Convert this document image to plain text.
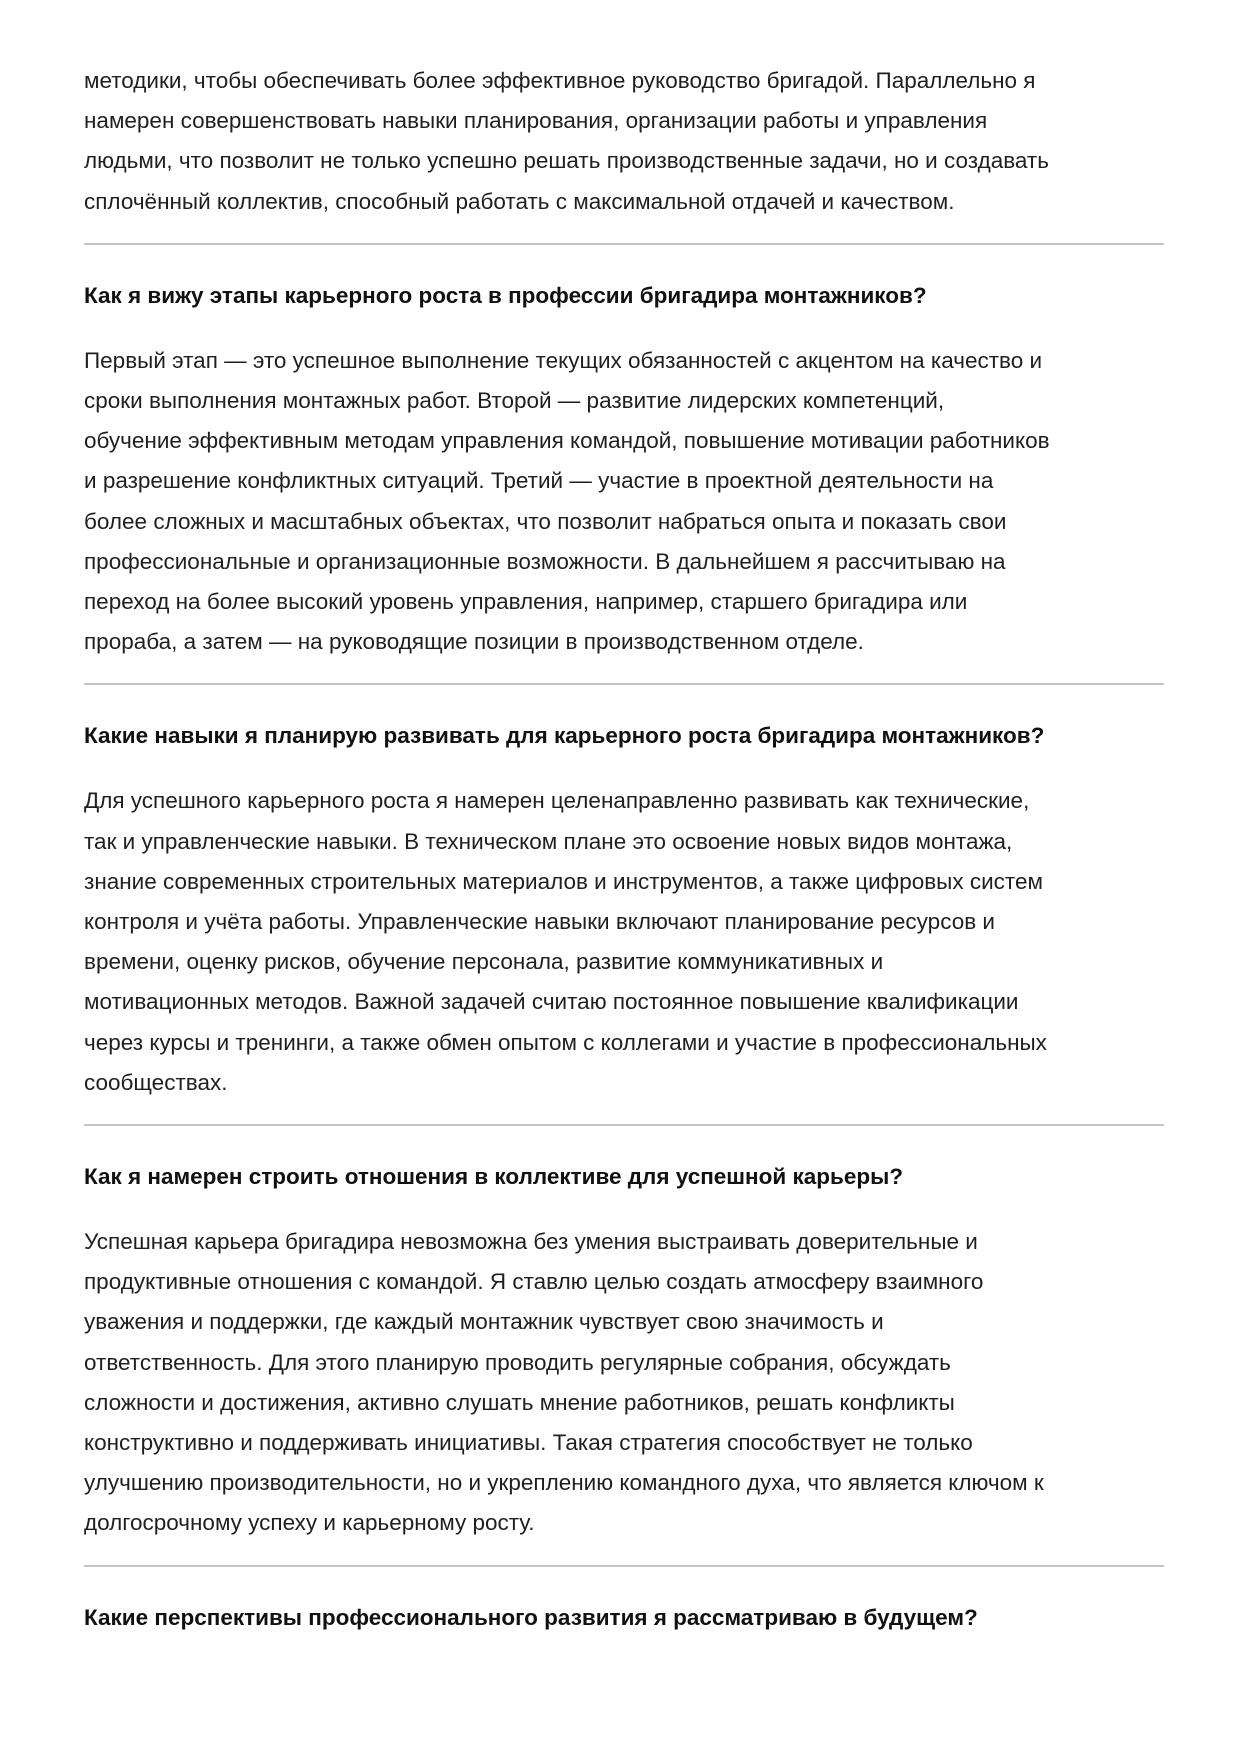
методики, чтобы обеспечивать более эффективное руководство бригадой. Параллельно я
намерен совершенствовать навыки планирования, организации работы и управления
людьми, что позволит не только успешно решать производственные задачи, но и создавать
сплочённый коллектив, способный работать с максимальной отдачей и качеством.
Как я вижу этапы карьерного роста в профессии бригадира монтажников?
Первый этап — это успешное выполнение текущих обязанностей с акцентом на качество и
сроки выполнения монтажных работ. Второй — развитие лидерских компетенций,
обучение эффективным методам управления командой, повышение мотивации работников
и разрешение конфликтных ситуаций. Третий — участие в проектной деятельности на
более сложных и масштабных объектах, что позволит набраться опыта и показать свои
профессиональные и организационные возможности. В дальнейшем я рассчитываю на
переход на более высокий уровень управления, например, старшего бригадира или
прораба, а затем — на руководящие позиции в производственном отделе.
Какие навыки я планирую развивать для карьерного роста бригадира монтажников?
Для успешного карьерного роста я намерен целенаправленно развивать как технические,
так и управленческие навыки. В техническом плане это освоение новых видов монтажа,
знание современных строительных материалов и инструментов, а также цифровых систем
контроля и учёта работы. Управленческие навыки включают планирование ресурсов и
времени, оценку рисков, обучение персонала, развитие коммуникативных и
мотивационных методов. Важной задачей считаю постоянное повышение квалификации
через курсы и тренинги, а также обмен опытом с коллегами и участие в профессиональных
сообществах.
Как я намерен строить отношения в коллективе для успешной карьеры?
Успешная карьера бригадира невозможна без умения выстраивать доверительные и
продуктивные отношения с командой. Я ставлю целью создать атмосферу взаимного
уважения и поддержки, где каждый монтажник чувствует свою значимость и
ответственность. Для этого планирую проводить регулярные собрания, обсуждать
сложности и достижения, активно слушать мнение работников, решать конфликты
конструктивно и поддерживать инициативы. Такая стратегия способствует не только
улучшению производительности, но и укреплению командного духа, что является ключом к
долгосрочному успеху и карьерному росту.
Какие перспективы профессионального развития я рассматриваю в будущем?
